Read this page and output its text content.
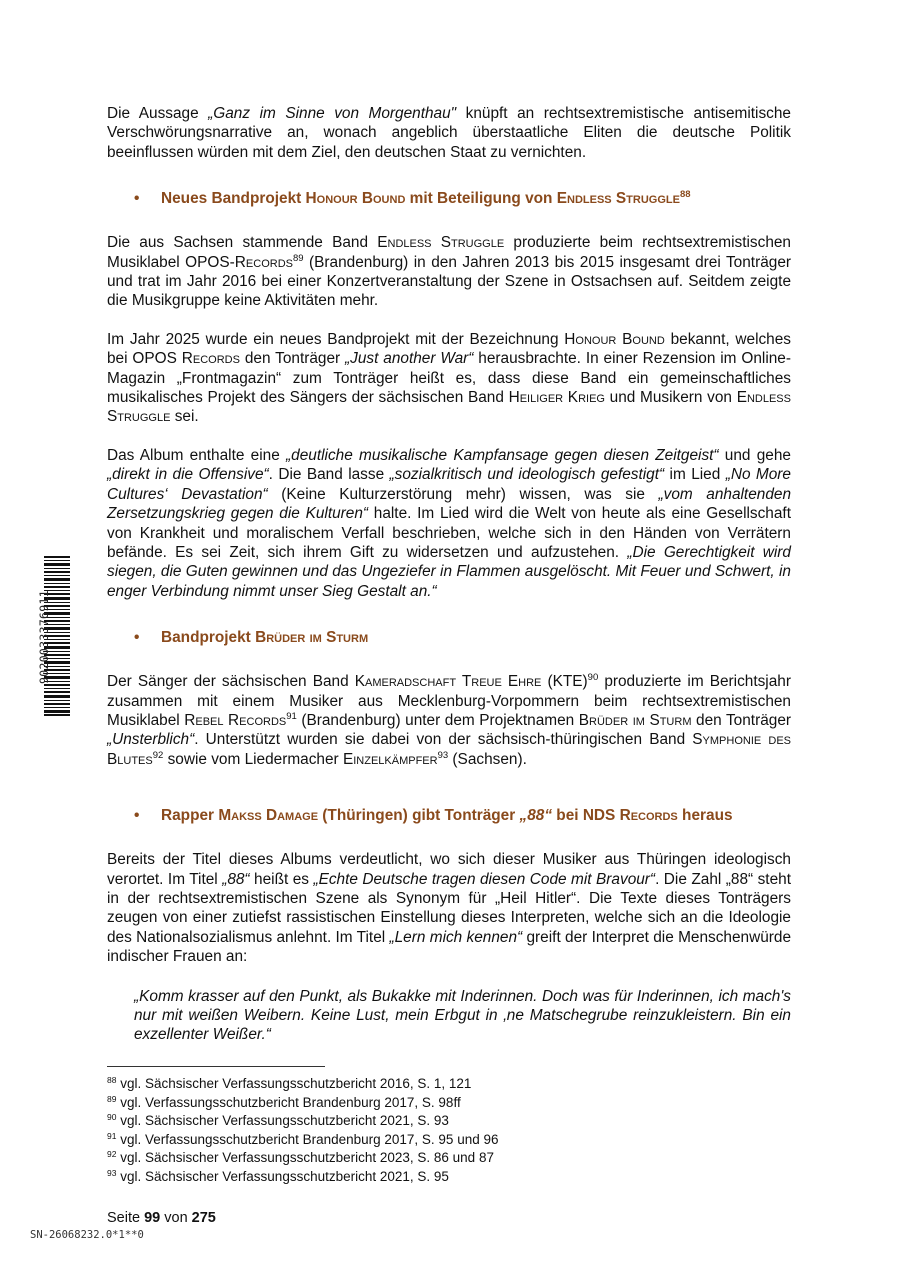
Die Aussage „Ganz im Sinne von Morgenthau" knüpft an rechtsextremistische antisemitische Verschwörungsnarrative an, wonach angeblich überstaatliche Eliten die deutsche Politik beeinflussen würden mit dem Ziel, den deutschen Staat zu vernichten.

• Neues Bandprojekt Honour Bound mit Beteiligung von Endless Struggle$^{88}$

Die aus Sachsen stammende Band Endless Struggle produzierte beim rechtsextremistischen Musiklabel OPOS-Records$^{89}$ (Brandenburg) in den Jahren 2013 bis 2015 insgesamt drei Tonträger und trat im Jahr 2016 bei einer Konzertveranstaltung der Szene in Ostsachsen auf. Seitdem zeigte die Musikgruppe keine Aktivitäten mehr.

Im Jahr 2025 wurde ein neues Bandprojekt mit der Bezeichnung Honour Bound bekannt, welches bei OPOS Records den Tonträger „Just another War“ herausbrachte. In einer Rezension im Online-Magazin „Frontmagazin“ zum Tonträger heißt es, dass diese Band ein gemeinschaftliches musikalisches Projekt des Sängers der sächsischen Band Heiliger Krieg und Musikern von Endless Struggle sei.

Das Album enthalte eine „deutliche musikalische Kampfansage gegen diesen Zeitgeist“ und gehe „direkt in die Offensive“. Die Band lasse „sozialkritisch und ideologisch gefestigt“ im Lied „No More Cultures‘ Devastation“ (Keine Kulturzerstörung mehr) wissen, was sie „vom anhaltenden Zersetzungskrieg gegen die Kulturen“ halte. Im Lied wird die Welt von heute als eine Gesellschaft von Krankheit und moralischem Verfall beschrieben, welche sich in den Händen von Verrätern befände. Es sei Zeit, sich ihrem Gift zu widersetzen und aufzustehen. „Die Gerechtigkeit wird siegen, die Guten gewinnen und das Ungeziefer in Flammen ausgelöscht. Mit Feuer und Schwert, in enger Verbindung nimmt unser Sieg Gestalt an.“

• Bandprojekt Brüder im Sturm

Der Sänger der sächsischen Band Kameradschaft Treue Ehre (KTE)$^{90}$ produzierte im Berichtsjahr zusammen mit einem Musiker aus Mecklenburg-Vorpommern beim rechtsextremistischen Musiklabel Rebel Records$^{91}$ (Brandenburg) unter dem Projektnamen Brüder im Sturm den Tonträger „Unsterblich“. Unterstützt wurden sie dabei von der sächsisch-thüringischen Band Symphonie des Blutes$^{92}$ sowie vom Liedermacher Einzelkämpfer$^{93}$ (Sachsen).

• Rapper Makss Damage (Thüringen) gibt Tonträger „88“ bei NDS Records heraus

Bereits der Titel dieses Albums verdeutlicht, wo sich dieser Musiker aus Thüringen ideologisch verortet. Im Titel „88“ heißt es „Echte Deutsche tragen diesen Code mit Bravour“. Die Zahl „88“ steht in der rechtsextremistischen Szene als Synonym für „Heil Hitler“. Die Texte dieses Tonträgers zeugen von einer zutiefst rassistischen Einstellung dieses Interpreten, welche sich an die Ideologie des Nationalsozialismus anlehnt. Im Titel „Lern mich kennen“ greift der Interpret die Menschenwürde indischer Frauen an:

„Komm krasser auf den Punkt, als Bukakke mit Inderinnen. Doch was für Inderinnen, ich mach's nur mit weißen Weibern. Keine Lust, mein Erbgut in ‚ne Matschegrube reinzukleistern. Bin ein exzellenter Weißer.“
$^{88}$ vgl. Sächsischer Verfassungsschutzbericht 2016, S. 1, 121
$^{89}$ vgl. Verfassungsschutzbericht Brandenburg 2017, S. 98ff
$^{90}$ vgl. Sächsischer Verfassungsschutzbericht 2021, S. 93
$^{91}$ vgl. Verfassungsschutzbericht Brandenburg 2017, S. 95 und 96
$^{92}$ vgl. Sächsischer Verfassungsschutzbericht 2023, S. 86 und 87
$^{93}$ vgl. Sächsischer Verfassungsschutzbericht 2021, S. 95
Seite 99 von 275
SN-26068232.0*1**0
9020033376911
